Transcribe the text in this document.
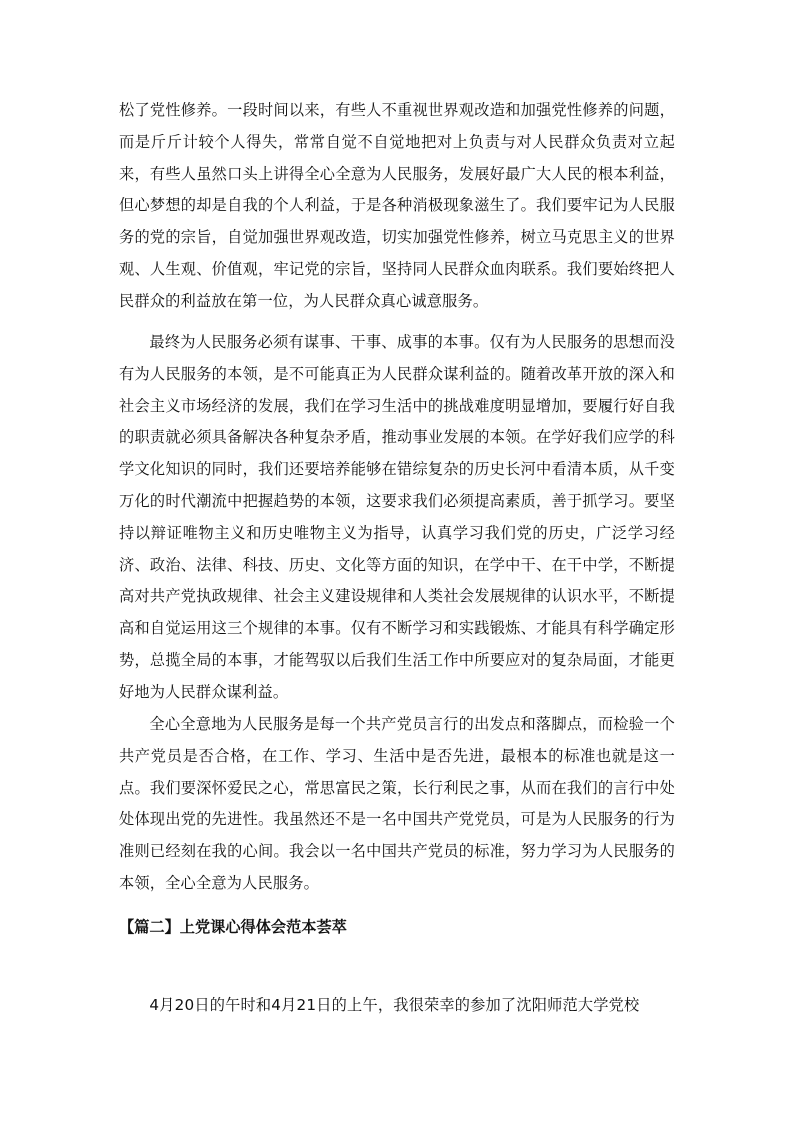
松了党性修养。一段时间以来，有些人不重视世界观改造和加强党性修养的问题，而是斤斤计较个人得失，常常自觉不自觉地把对上负责与对人民群众负责对立起来，有些人虽然口头上讲得全心全意为人民服务，发展好最广大人民的根本利益，但心梦想的却是自我的个人利益，于是各种消极现象滋生了。我们要牢记为人民服务的党的宗旨，自觉加强世界观改造，切实加强党性修养，树立马克思主义的世界观、人生观、价值观，牢记党的宗旨，坚持同人民群众血肉联系。我们要始终把人民群众的利益放在第一位，为人民群众真心诚意服务。

最终为人民服务必须有谋事、干事、成事的本事。仅有为人民服务的思想而没有为人民服务的本领，是不可能真正为人民群众谋利益的。随着改革开放的深入和社会主义市场经济的发展，我们在学习生活中的挑战难度明显增加，要履行好自我的职责就必须具备解决各种复杂矛盾，推动事业发展的本领。在学好我们应学的科学文化知识的同时，我们还要培养能够在错综复杂的历史长河中看清本质，从千变万化的时代潮流中把握趋势的本领，这要求我们必须提高素质，善于抓学习。要坚持以辩证唯物主义和历史唯物主义为指导，认真学习我们党的历史，广泛学习经济、政治、法律、科技、历史、文化等方面的知识，在学中干、在干中学，不断提高对共产党执政规律、社会主义建设规律和人类社会发展规律的认识水平，不断提高和自觉运用这三个规律的本事。仅有不断学习和实践锻炼、才能具有科学确定形势，总揽全局的本事，才能驾驭以后我们生活工作中所要应对的复杂局面，才能更好地为人民群众谋利益。

全心全意地为人民服务是每一个共产党员言行的出发点和落脚点，而检验一个共产党员是否合格，在工作、学习、生活中是否先进，最根本的标准也就是这一点。我们要深怀爱民之心，常思富民之策，长行利民之事，从而在我们的言行中处处体现出党的先进性。我虽然还不是一名中国共产党党员，可是为人民服务的行为准则已经刻在我的心间。我会以一名中国共产党员的标准，努力学习为人民服务的本领，全心全意为人民服务。

【篇二】上党课心得体会范本荟萃

4月20日的午时和4月21日的上午，我很荣幸的参加了沈阳师范大学党校
